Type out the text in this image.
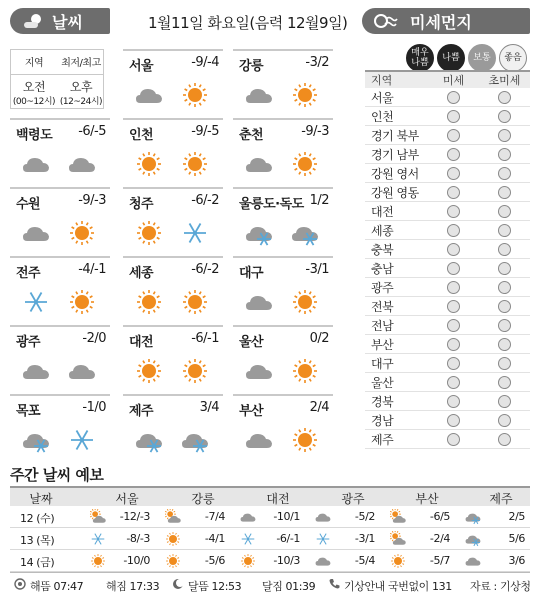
날씨	1월11일 화요일(음력 12월9일)	미세먼지
지역	최저/최고
오전	오후
(00~12시) (12~24시)
서울	-9/-4 강릉	-3/2
백령도 -6/-5 인천	-9/-5 춘천	-9/-3
수원	-9/-3 청주	-6/-2 울릉도·독도 1/2
전주	-4/-1 세종	-6/-2 대구	-3/1
광주	-2/0 대전	-6/-1 울산	0/2
목포	-1/0 제주	3/4 부산	2/4
매우나쁨	나쁨	보통	좋음
지역	미세	초미세
서울
인천
경기 북부
경기 남부
강원 영서
강원 영동
대전
세종
충북
충남
광주
전북
전남
부산
대구
울산
경북
경남
제주
주간 날씨 예보
날짜	서울	강릉	대전	광주	부산	제주
12 (수)	-12/-3	-7/4	-10/1	-5/2	-6/5	2/5
13 (목)	-8/-3	-4/1	-6/-1	-3/1	-2/4	5/6
14 (금)	-10/0	-5/6	-10/3	-5/4	-5/7	3/6
해뜸 07:47 해짐 17:33	달뜸 12:53 달짐 01:39	기상안내 국번없이 131 자료 : 기상청
